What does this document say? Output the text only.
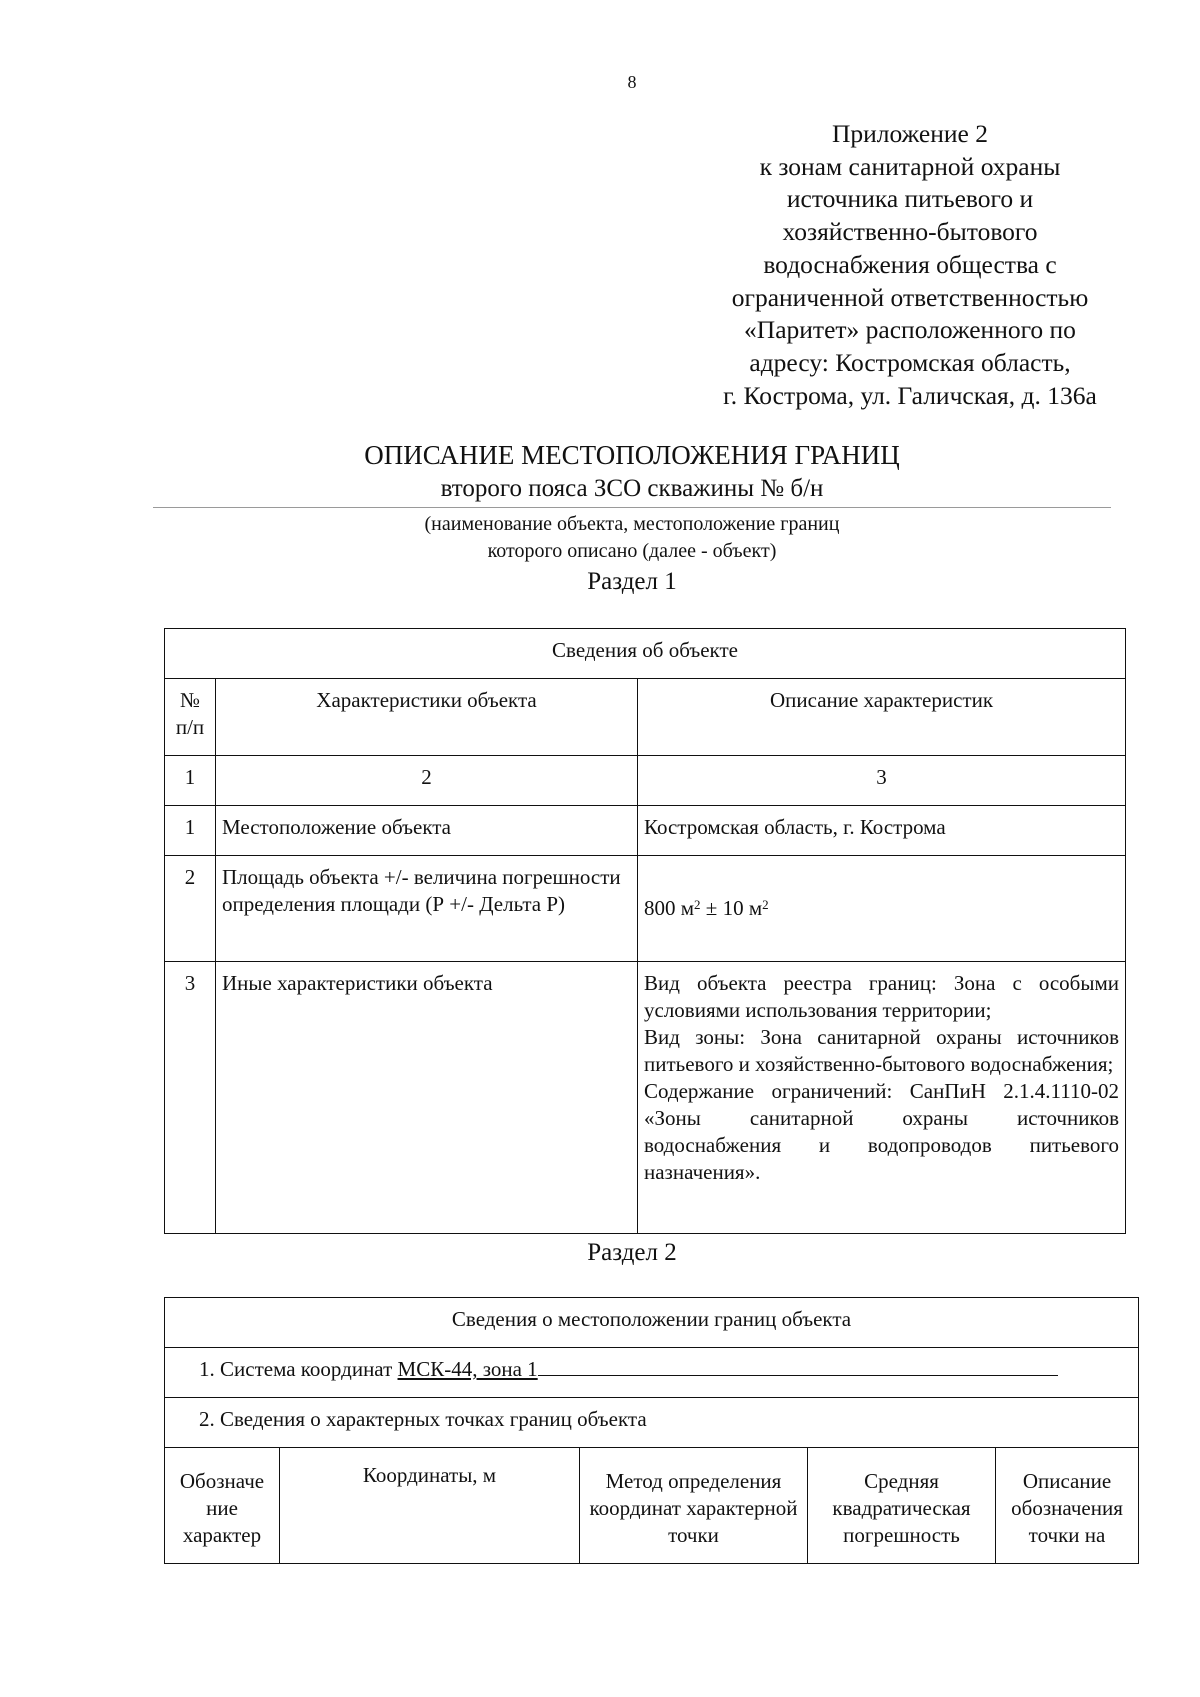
8
Приложение 2
к зонам санитарной охраны
источника питьевого и
хозяйственно-бытового
водоснабжения общества с
ограниченной ответственностью
«Паритет» расположенного по
адресу: Костромская область,
г. Кострома, ул. Галичская, д. 136а
ОПИСАНИЕ МЕСТОПОЛОЖЕНИЯ ГРАНИЦ
второго пояса ЗСО скважины № б/н
(наименование объекта, местоположение границ
которого описано (далее - объект)
Раздел 1
Сведения об объекте		
№ п/п	Характеристики объекта	Описание характеристик
1	2	3
1	Местоположение объекта	Костромская область, г. Кострома
2	Площадь объекта +/- величина погрешности определения площади (Р +/- Дельта Р)	800 $м^2 \pm 10$ $м^2$
3	Иные характеристики объекта	Вид объекта реестра границ: Зона с особыми условиями использования территории;
Вид зоны: Зона санитарной охраны источников питьевого и хозяйственно-бытового водоснабжения;
Содержание ограничений: СанПиН 2.1.4.1110-02 «Зоны санитарной охраны источников водоснабжения и водопроводов питьевого назначения».
Раздел 2
Сведения о местоположении границ объекта
1. Система координат МСК-44, зона 1
2. Сведения о характерных точках границ объекта
Обозначе ние характер	Координаты, м	Метод определения координат характерной точки	Средняя квадратическая погрешность	Описание обозначения точки на
